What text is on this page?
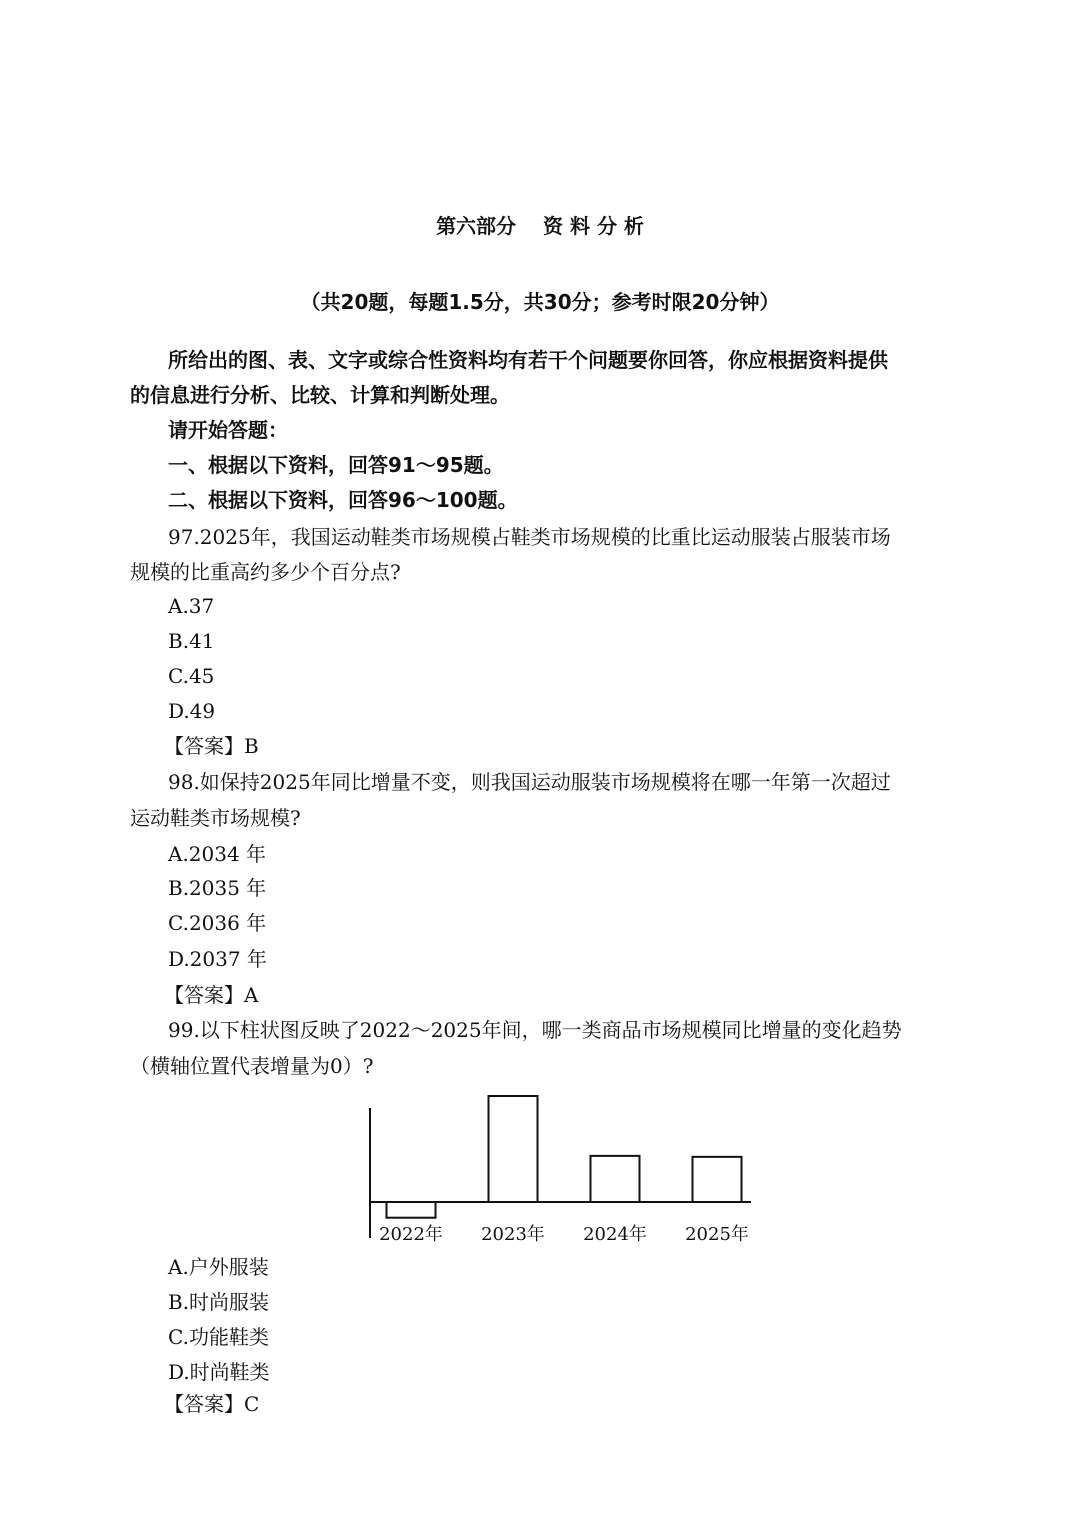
第六部分　 资 料 分 析
（共20题，每题1.5分，共30分；参考时限20分钟）
所给出的图、表、文字或综合性资料均有若干个问题要你回答，你应根据资料提供
的信息进行分析、比较、计算和判断处理。
请开始答题：
一、根据以下资料，回答91～95题。
二、根据以下资料，回答96～100题。
97.2025年，我国运动鞋类市场规模占鞋类市场规模的比重比运动服装占服装市场
规模的比重高约多少个百分点?
A.37
B.41
C.45
D.49
【答案】B
98.如保持2025年同比增量不变，则我国运动服装市场规模将在哪一年第一次超过
运动鞋类市场规模?
A.2034 年
B.2035 年
C.2036 年
D.2037 年
【答案】A
99.以下柱状图反映了2022～2025年间，哪一类商品市场规模同比增量的变化趋势
（横轴位置代表增量为0）?
2022年 2023年 2024年 2025年
A.户外服装
B.时尚服装
C.功能鞋类
D.时尚鞋类
【答案】C
